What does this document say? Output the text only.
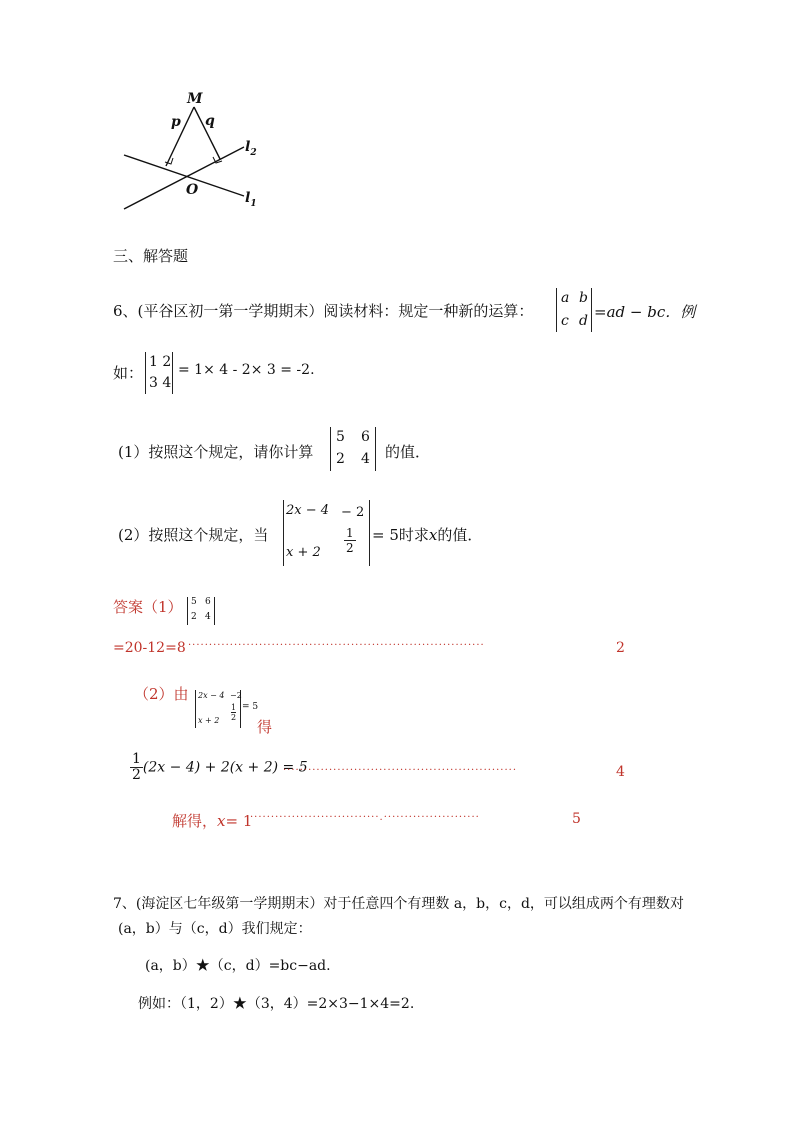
M
p q
$l_2$
$l_1$
O
三、解答题
6、(平谷区初一第一学期期末）阅读材料：规定一种新的运算：
a b
c d =ad − bc．例
如：
1 2
3 4
= 1× 4 - 2× 3 = -2.
(1）按照这个规定，请你计算
5 6
2 4 的值．
(2）按照这个规定，当
2x − 4 − 2
x + 2
1
2
= 5时求x的值．
答案（1） 5 6
2 4
=20-12=8 ·······································································	2
（2）由 2x − 4 −2
x + 2
1
2
= 5
得
$\frac{1}{2} (2x - 4) + 2(x + 2) = 5$
························································	4
解得，x= 1
·······························.·······················	5
7、(海淀区七年级第一学期期末）对于任意四个有理数 a，b，c，d，可以组成两个有理数对
(a，b）与（c，d）我们规定：
(a，b）★（c，d）=bc−ad.
例如：（1，2）★（3，4）=2×3−1×4=2.
